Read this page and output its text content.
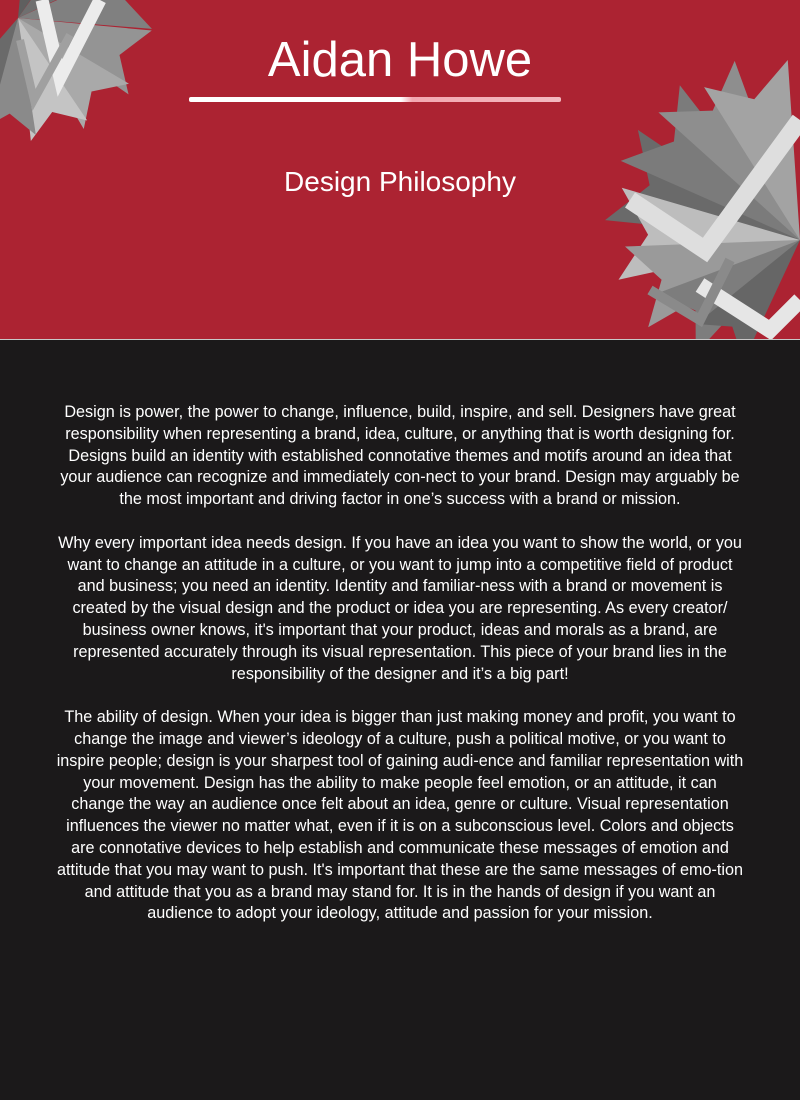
Aidan Howe
Design Philosophy

Design is power, the power to change, influence, build, inspire, and sell. Designers have great responsibility when representing a brand, idea, culture, or anything that is worth designing for. Designs build an identity with established connotative themes and motifs around an idea that your audience can recognize and immediately con-nect to your brand. Design may arguably be the most important and driving factor in one’s success with a brand or mission.

Why every important idea needs design. If you have an idea you want to show the world, or you want to change an attitude in a culture, or you want to jump into a competitive field of product and business; you need an identity. Identity and familiar-ness with a brand or movement is created by the visual design and the product or idea you are representing. As every creator/ business owner knows, it's important that your product, ideas and morals as a brand, are represented accurately through its visual representation. This piece of your brand lies in the responsibility of the designer and it’s a big part!

The ability of design. When your idea is bigger than just making money and profit, you want to change the image and viewer’s ideology of a culture, push a political motive, or you want to inspire people; design is your sharpest tool of gaining audi-ence and familiar representation with your movement. Design has the ability to make people feel emotion, or an attitude, it can change the way an audience once felt about an idea, genre or culture. Visual representation influences the viewer no matter what, even if it is on a subconscious level. Colors and objects are connotative devices to help establish and communicate these messages of emotion and attitude that you may want to push. It's important that these are the same messages of emo-tion and attitude that you as a brand may stand for. It is in the hands of design if you want an audience to adopt your ideology, attitude and passion for your mission.
